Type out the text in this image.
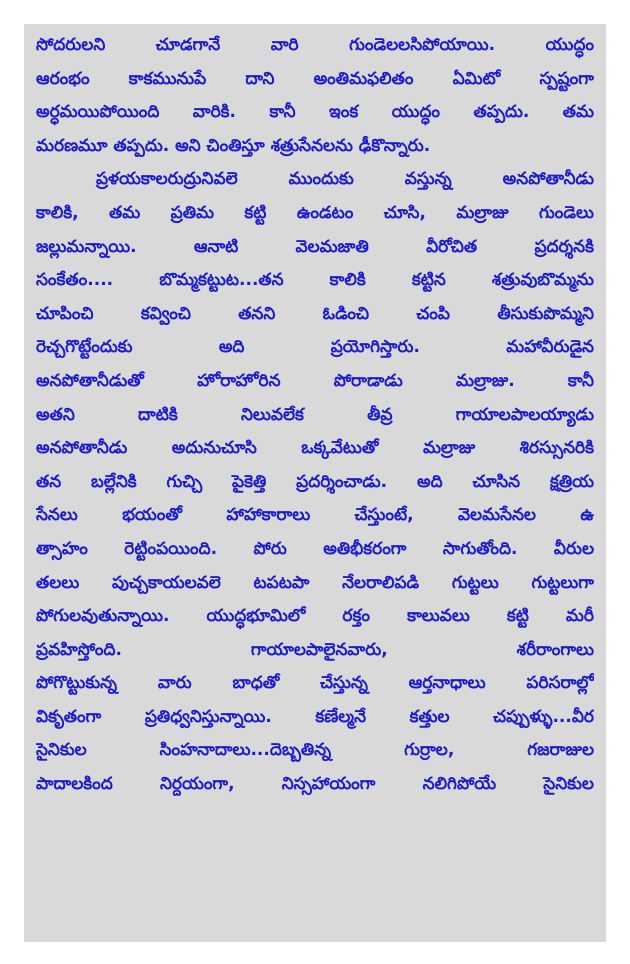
సోదరులని	చూడగానే	వారి	గుండెలలసిపోయాయి.	యుద్ధం
ఆరంభం కాకమునుపే దాని అంతిమఫలితం ఏమిటో స్పష్టంగా
అర్ధమయిపోయింది వారికి. కానీ ఇంక యుద్ధం తప్పదు. తమ
మరణమూ తప్పదు. అని చింతిస్తూ శత్రుసేనలను ఢీకొన్నారు.
ప్రళయకాలరుద్రునివలె	ముందుకు	వస్తున్న	అనపోతానీడు
కాలికి, తమ ప్రతిమ కట్టి ఉండటం చూసి, మల్రాజు గుండెలు
జల్లుమన్నాయి.	ఆనాటి	వెలమజాతి	వీరోచిత	ప్రదర్శనకి
సంకేతం....	బొమ్మకట్టుట...తన	కాలికి	కట్టిన	శత్రువుబొమ్మను
చూపించి	కవ్వించి	తనని	ఓడించి	చంపి	తీసుకుపొమ్మని
రెచ్చగొట్టేందుకు	అది	ప్రయోగిస్తారు.	మహావీరుడైన
అనపోతానీడుతో	హోరాహోరిన	పోరాడాడు	మల్రాజు.	కానీ
అతని	దాటికి	నిలువలేక	తీవ్ర	గాయాలపాలయ్యాడు
అనపోతానీడు	అదునుచూసి	ఒక్కవేటుతో	మల్రాజు	శిరస్సునరికి
తన బల్లేనికి గుచ్చి పైకెత్తి ప్రదర్శించాడు. అది చూసిన క్షత్రియ
సేనలు	భయంతో	హాహాకారాలు	చేస్తుంటే,	వెలమసేనల	ఉ
త్సాహం రెట్టింపయింది. పోరు అతిభీకరంగా సాగుతోంది. వీరుల
తలలు పుచ్చకాయలవలె టపటపా నేలరాలిపడి గుట్టలు గుట్టలుగా
పోగులవుతున్నాయి. యుద్ధభూమిలో రక్తం కాలువలు కట్టి మరీ
ప్రవహిస్తోంది.	గాయాలపాలైనవారు,	శరీరాంగాలు
పోగొట్టుకున్న వారు బాధతో చేస్తున్న ఆర్తనాధాలు పరిసరాల్లో
వికృతంగా	ప్రతిధ్వనిస్తున్నాయి.	కణేల్మనే	కత్తుల	చప్పుళ్ళు...వీర
సైనికుల	సింహనాదాలు...దెబ్బతిన్న	గుర్రాల,	గజరాజుల
పాదాలకింద	నిర్దయంగా,	నిస్సహాయంగా	నలిగిపోయే	సైనికుల
